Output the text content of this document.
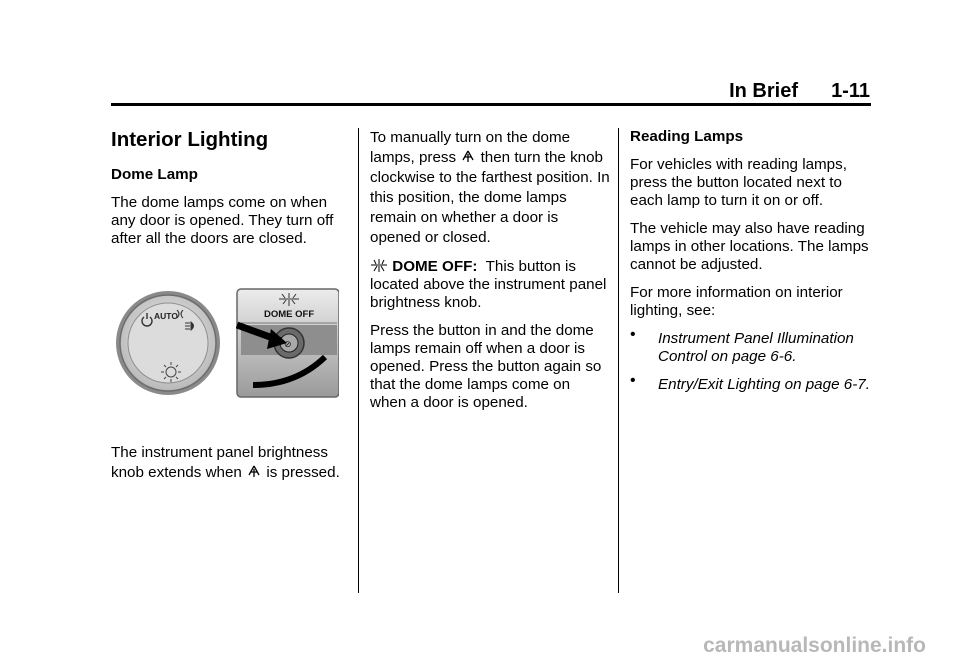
In Brief 1-11
Interior Lighting

Dome Lamp

The dome lamps come on when any door is opened. They turn off after all the doors are closed.

AUTO	DOME OFF
⊘

The instrument panel brightness knob extends when is pressed.

To manually turn on the dome lamps, press then turn the knob clockwise to the farthest position. In this position, the dome lamps remain on whether a door is opened or closed.

DOME OFF: This button is located above the instrument panel brightness knob.

Press the button in and the dome lamps remain off when a door is opened. Press the button again so that the dome lamps come on when a door is opened.

Reading Lamps

For vehicles with reading lamps, press the button located next to each lamp to turn it on or off.

The vehicle may also have reading lamps in other locations. The lamps cannot be adjusted.

For more information on interior lighting, see:

• Instrument Panel Illumination Control on page 6-6.
• Entry/Exit Lighting on page 6-7.
carmanualsonline.info
